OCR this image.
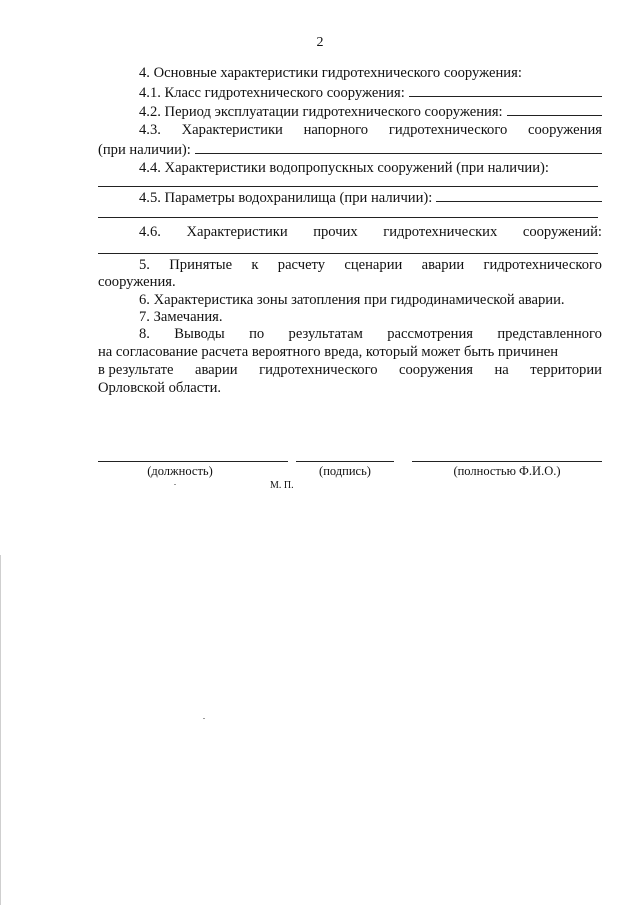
2
4. Основные характеристики гидротехнического сооружения:
4.1. Класс гидротехнического сооружения:
4.2. Период эксплуатации гидротехнического сооружения:
4.3. Характеристики напорного гидротехнического сооружения
(при наличии):
4.4. Характеристики водопропускных сооружений (при наличии):
4.5. Параметры водохранилища (при наличии):
4.6. Характеристики прочих гидротехнических сооружений:
5. Принятые к расчету сценарии аварии гидротехнического
сооружения.
6. Характеристика зоны затопления при гидродинамической аварии.
7. Замечания.
8. Выводы по результатам рассмотрения представленного
на согласование расчета вероятного вреда, который может быть причинен
в результате аварии гидротехнического сооружения на территории
Орловской области.
(должность)	(подпись)	(полностью Ф.И.О.)
М. П.
